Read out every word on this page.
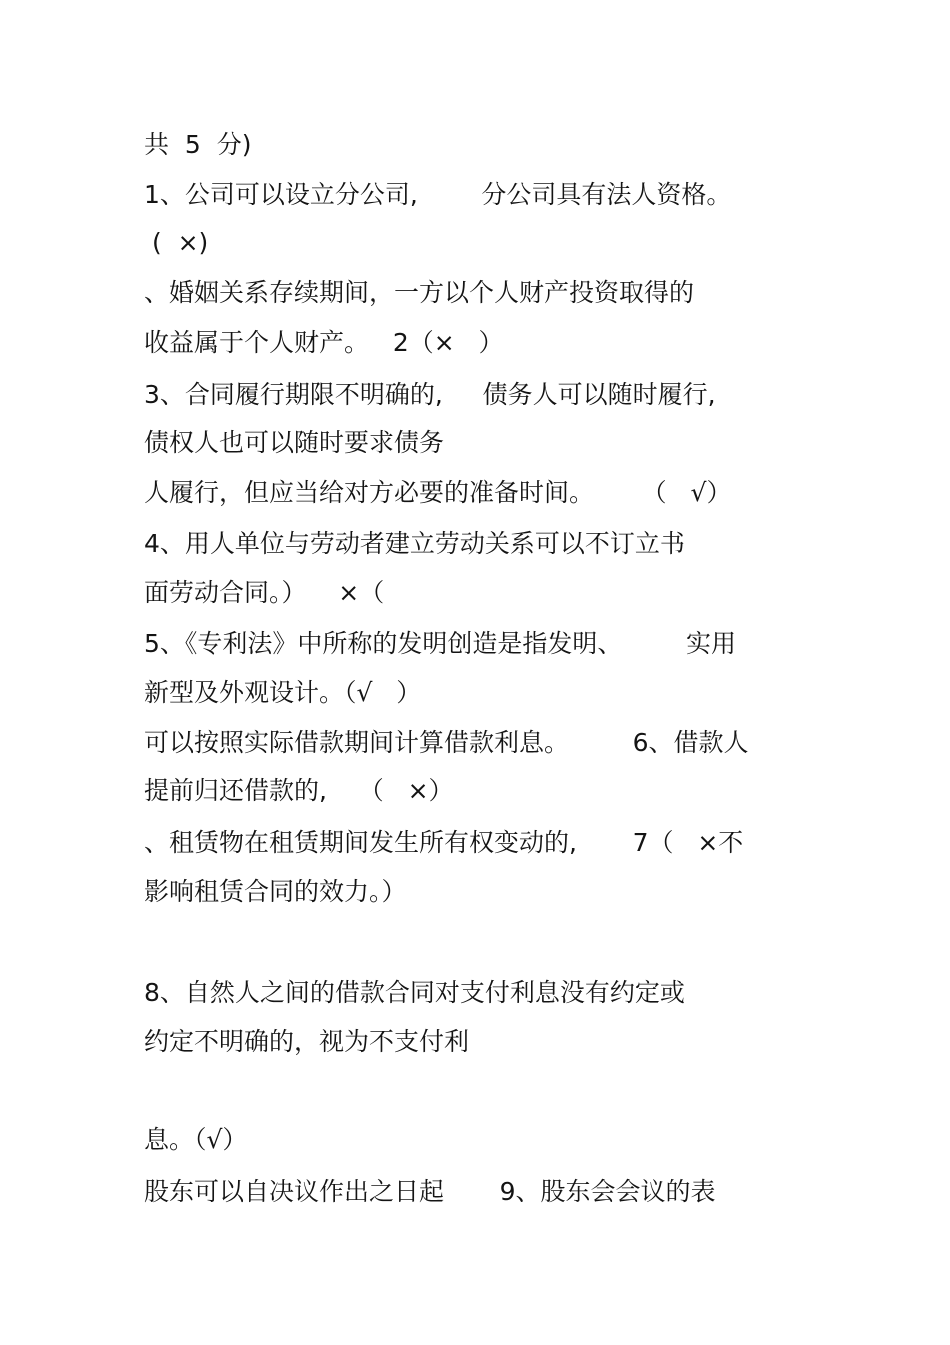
共  5  分)
1、公司可以设立分公司,        分公司具有法人资格。
(  ×)
、婚姻关系存续期间，一方以个人财产投资取得的
收益属于个人财产。   2（×   ）
3、合同履行期限不明确的,     债务人可以随时履行,
债权人也可以随时要求债务
人履行，但应当给对方必要的准备时间。      （   √）
4、用人单位与劳动者建立劳动关系可以不订立书
面劳动合同。）    ×（
5、《专利法》中所称的发明创造是指发明、        实用
新型及外观设计。（√   ）
可以按照实际借款期间计算借款利息。        6、借款人
提前归还借款的,    （   ×）
、租赁物在租赁期间发生所有权变动的,       7（   ×不
影响租赁合同的效力。）
8、自然人之间的借款合同对支付利息没有约定或
约定不明确的，视为不支付利
息。（√）
股东可以自决议作出之日起       9、股东会会议的表
